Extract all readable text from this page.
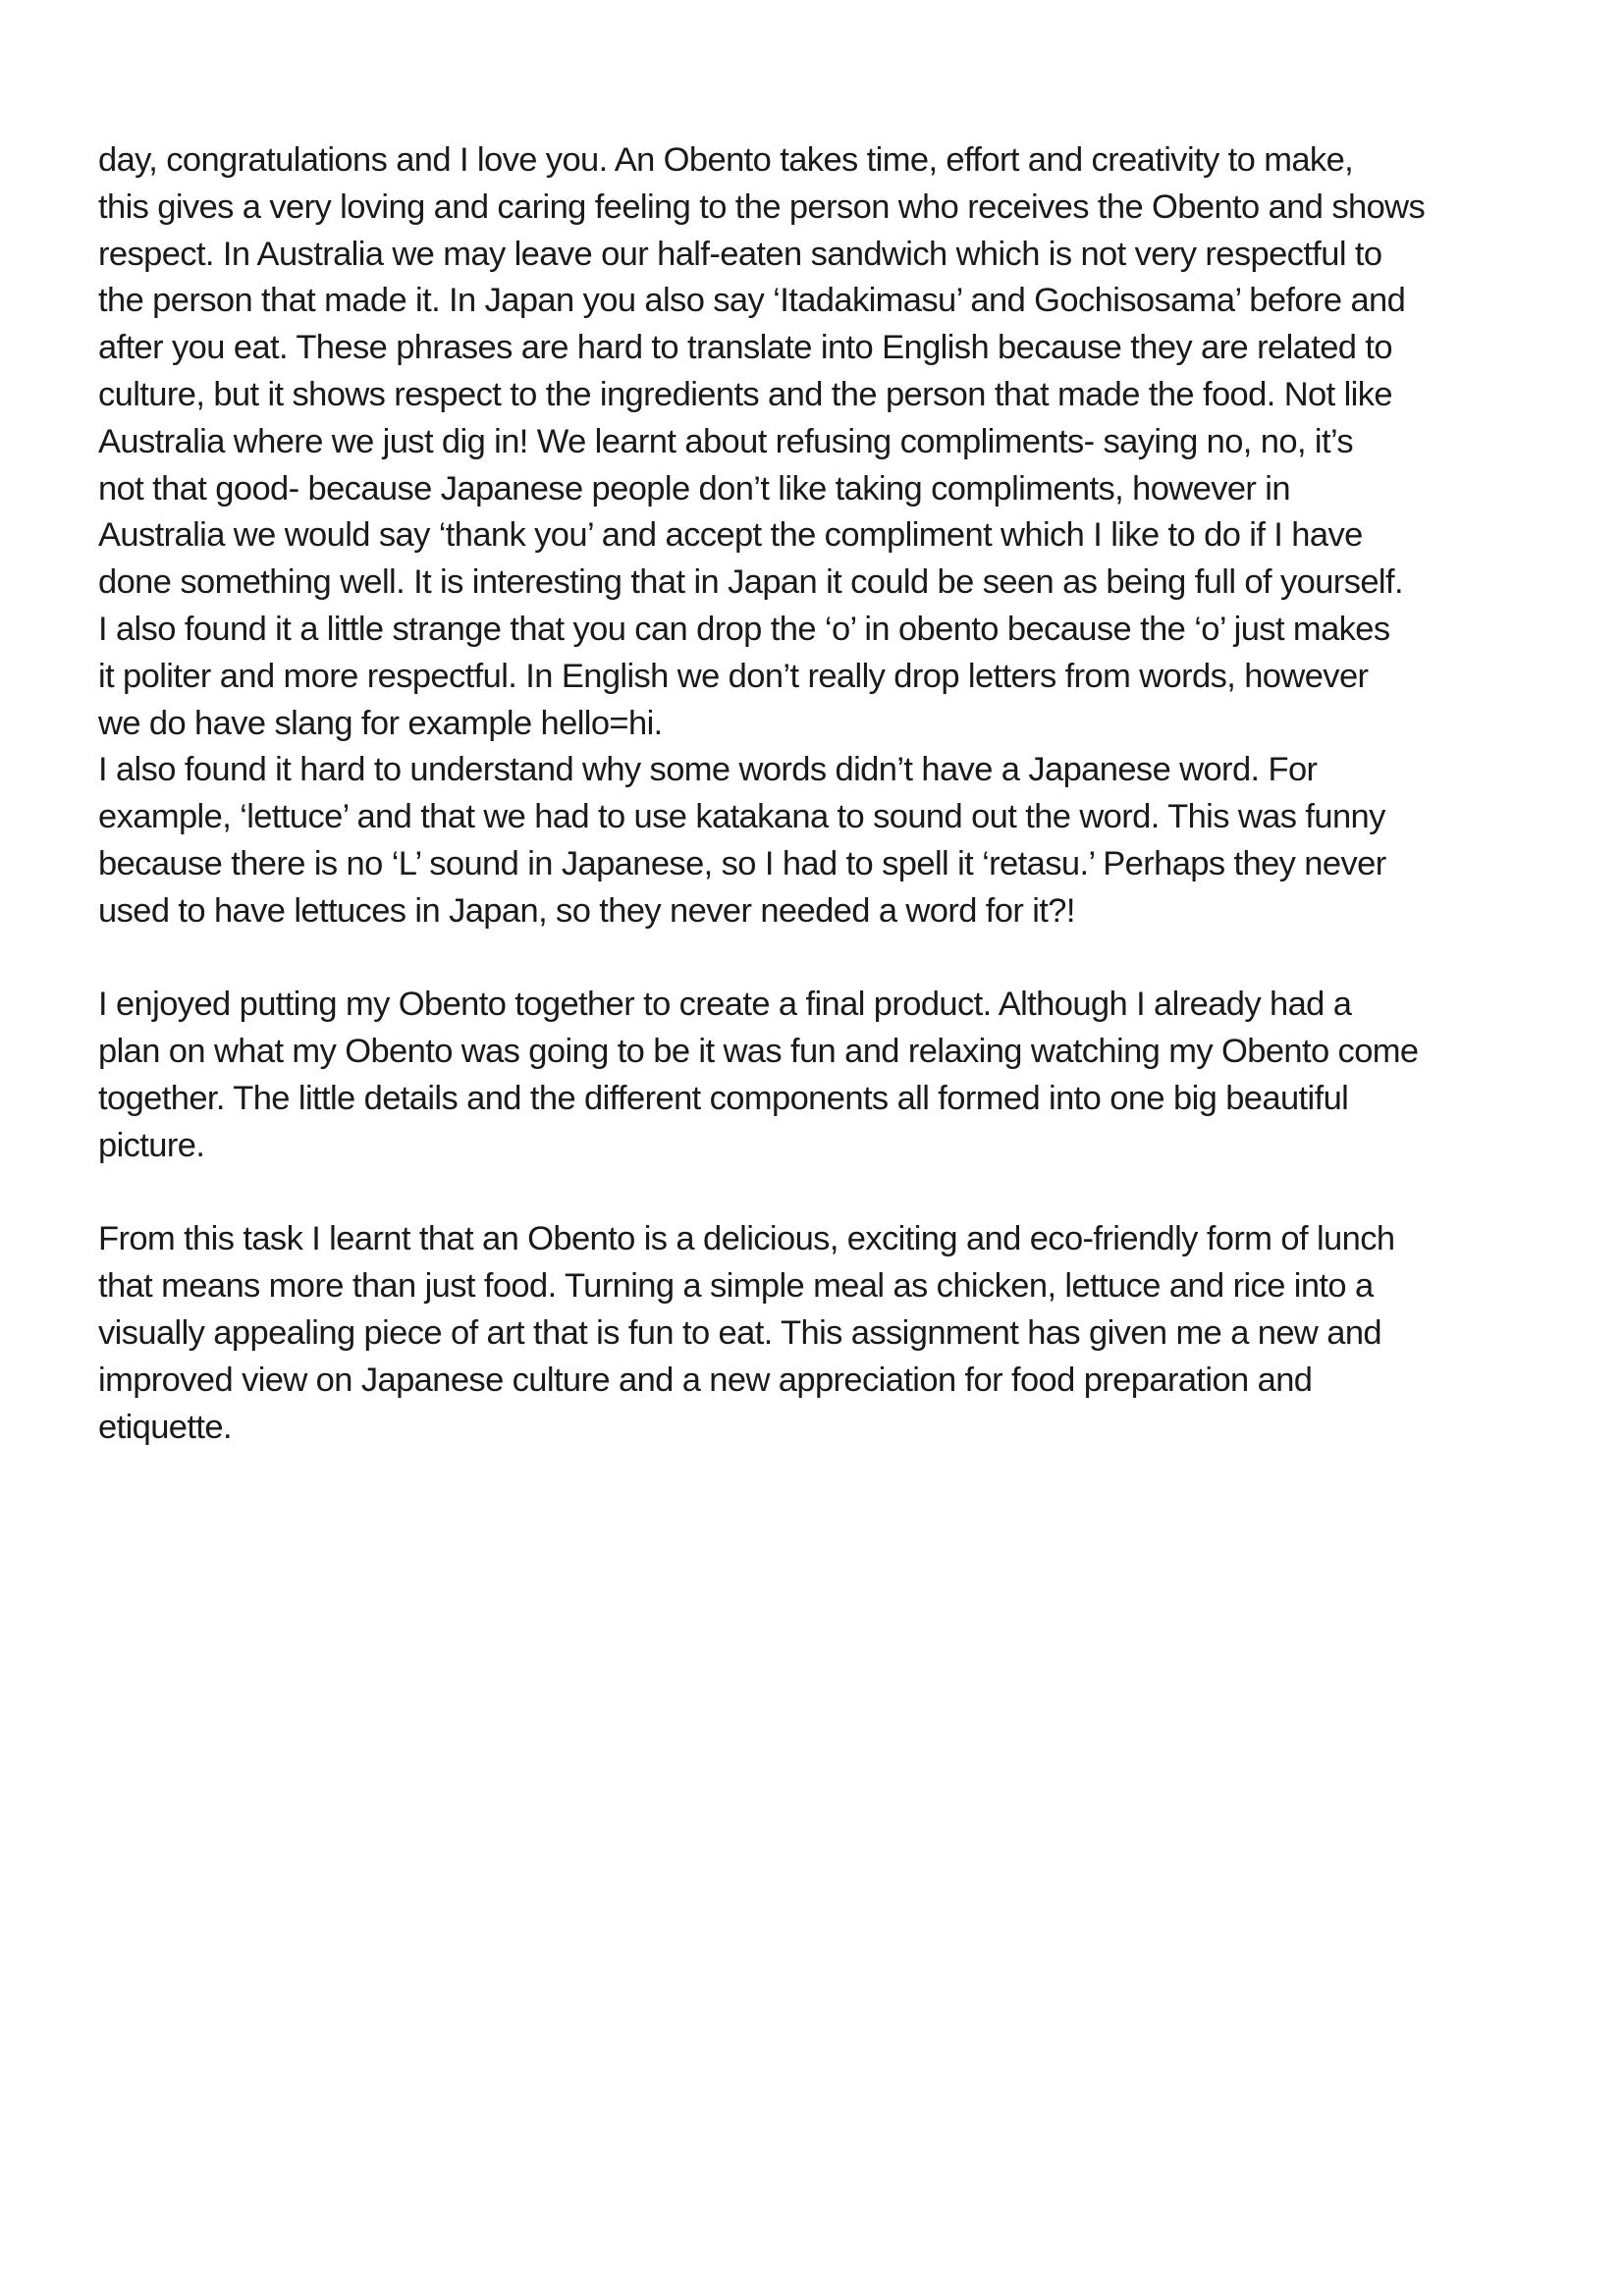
day, congratulations and I love you. An Obento takes time, effort and creativity to make,
this gives a very loving and caring feeling to the person who receives the Obento and shows
respect. In Australia we may leave our half-eaten sandwich which is not very respectful to
the person that made it. In Japan you also say ‘Itadakimasu’ and Gochisosama’ before and
after you eat. These phrases are hard to translate into English because they are related to
culture, but it shows respect to the ingredients and the person that made the food. Not like
Australia where we just dig in! We learnt about refusing compliments- saying no, no, it’s
not that good- because Japanese people don’t like taking compliments, however in
Australia we would say ‘thank you’ and accept the compliment which I like to do if I have
done something well. It is interesting that in Japan it could be seen as being full of yourself.
I also found it a little strange that you can drop the ‘o’ in obento because the ‘o’ just makes
it politer and more respectful. In English we don’t really drop letters from words, however
we do have slang for example hello=hi.

I also found it hard to understand why some words didn’t have a Japanese word. For
example, ‘lettuce’ and that we had to use katakana to sound out the word. This was funny
because there is no ‘L’ sound in Japanese, so I had to spell it ‘retasu.’ Perhaps they never
used to have lettuces in Japan, so they never needed a word for it?!

I enjoyed putting my Obento together to create a final product. Although I already had a
plan on what my Obento was going to be it was fun and relaxing watching my Obento come
together. The little details and the different components all formed into one big beautiful
picture.

From this task I learnt that an Obento is a delicious, exciting and eco-friendly form of lunch
that means more than just food. Turning a simple meal as chicken, lettuce and rice into a
visually appealing piece of art that is fun to eat. This assignment has given me a new and
improved view on Japanese culture and a new appreciation for food preparation and
etiquette.
